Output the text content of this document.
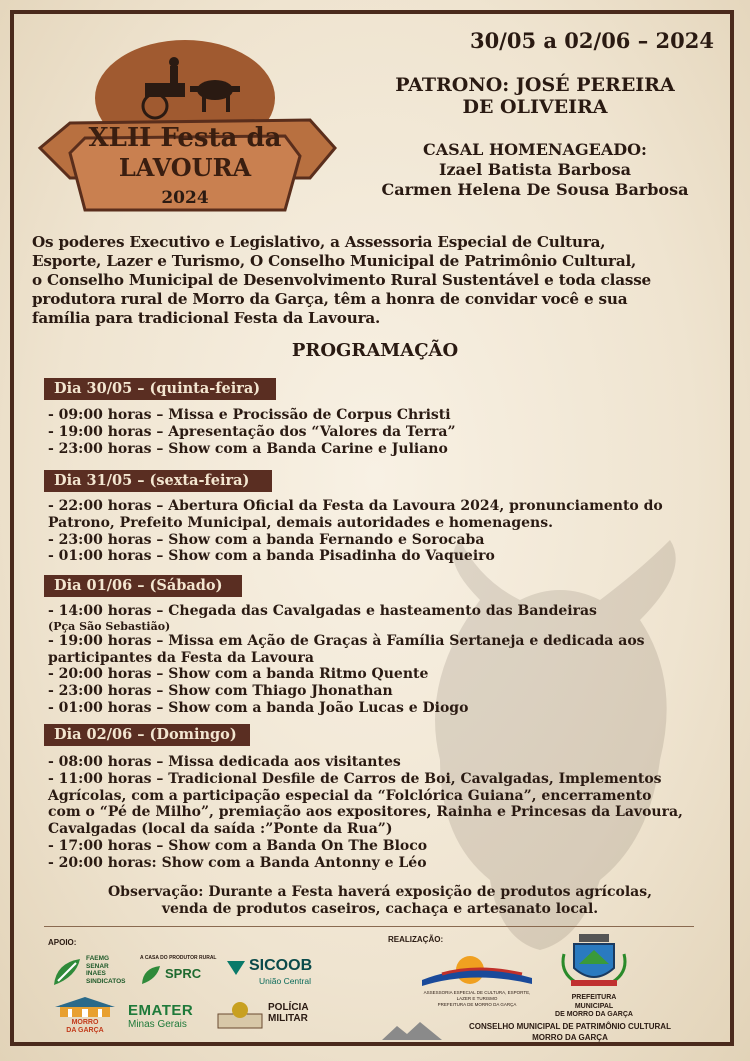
XLII Festa da
LAVOURA
2024
30/05 a 02/06 – 2024
PATRONO: JOSÉ PEREIRA
DE OLIVEIRA
CASAL HOMENAGEADO:
Izael Batista Barbosa
Carmen Helena De Sousa Barbosa
Os poderes Executivo e Legislativo, a Assessoria Especial de Cultura,
Esporte, Lazer e Turismo, O Conselho Municipal de Patrimônio Cultural,
o Conselho Municipal de Desenvolvimento Rural Sustentável e toda classe
produtora rural de Morro da Garça, têm a honra de convidar você e sua
família para tradicional Festa da Lavoura.
PROGRAMAÇÃO
Dia 30/05 – (quinta-feira)
- 09:00 horas – Missa e Procissão de Corpus Christi
- 19:00 horas – Apresentação dos “Valores da Terra”
- 23:00 horas – Show com a Banda Carine e Juliano
Dia 31/05 – (sexta-feira)
- 22:00 horas – Abertura Oficial da Festa da Lavoura 2024, pronunciamento do
Patrono, Prefeito Municipal, demais autoridades e homenagens.
- 23:00 horas – Show com a banda Fernando e Sorocaba
- 01:00 horas – Show com a banda Pisadinha do Vaqueiro
Dia 01/06 – (Sábado)
- 14:00 horas – Chegada das Cavalgadas e hasteamento das Bandeiras
(Pça São Sebastião)
- 19:00 horas – Missa em Ação de Graças à Família Sertaneja e dedicada aos
participantes da Festa da Lavoura
- 20:00 horas – Show com a banda Ritmo Quente
- 23:00 horas – Show com Thiago Jhonathan
- 01:00 horas – Show com a banda João Lucas e Diogo
Dia 02/06 – (Domingo)
- 08:00 horas – Missa dedicada aos visitantes
- 11:00 horas – Tradicional Desfile de Carros de Boi, Cavalgadas, Implementos
Agrícolas, com a participação especial da “Folclórica Guiana”, encerramento
com o “Pé de Milho”, premiação aos expositores, Rainha e Princesas da Lavoura,
Cavalgadas (local da saída :”Ponte da Rua”)
- 17:00 horas – Show com a Banda On The Bloco
- 20:00 horas: Show com a Banda Antonny e Léo
Observação: Durante a Festa haverá exposição de produtos agrícolas,
venda de produtos caseiros, cachaça e artesanato local.
APOIO:	REALIZAÇÃO:
FAEMG
SENAR
INAES
SINDICATOS
A CASA DO PRODUTOR RURAL
SPRC	SICOOB
União Central
MORRO
DA GARÇA
EMATER
Minas Gerais
POLÍCIA
MILITAR
ASSESSORIA ESPECIAL DE CULTURA, ESPORTE,
LAZER E TURISMO
PREFEITURA DE MORRO DA GARÇA
PREFEITURA MUNICIPAL
DE MORRO DA GARÇA
CONSELHO MUNICIPAL DE PATRIMÔNIO CULTURAL
MORRO DA GARÇA
